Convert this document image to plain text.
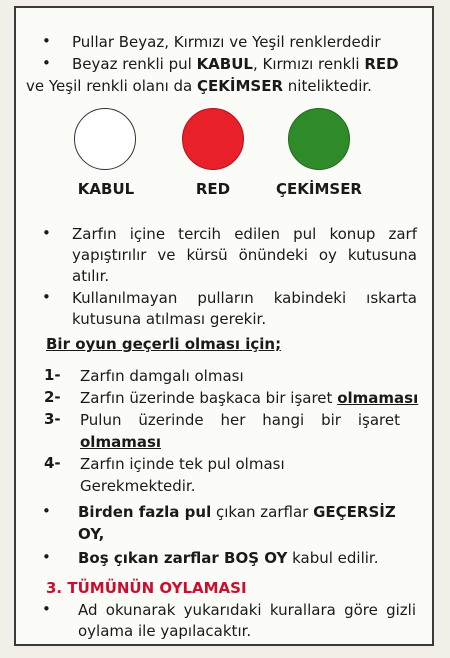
• Pullar Beyaz, Kırmızı ve Yeşil renklerdedir
• Beyaz renkli pul KABUL, Kırmızı renkli RED
ve Yeşil renkli olanı da ÇEKİMSER niteliktedir.
KABUL	RED	ÇEKİMSER
• Zarfın içine tercih edilen pul konup zarf yapıştırılır ve kürsü önündeki oy kutusuna atılır.
• Kullanılmayan pulların kabindeki ıskarta kutusuna atılması gerekir.
Bir oyun geçerli olması için;
1- Zarfın damgalı olması
2- Zarfın üzerinde başkaca bir işaret olmaması
3- Pulun üzerinde her hangi bir işaret
olmaması
4- Zarfın içinde tek pul olması
Gerekmektedir.
• Birden fazla pul çıkan zarflar GEÇERSİZ
OY,
• Boş çıkan zarflar BOŞ OY kabul edilir.
3. TÜMÜNÜN OYLAMASI
• Ad okunarak yukarıdaki kurallara göre gizli oylama ile yapılacaktır.
